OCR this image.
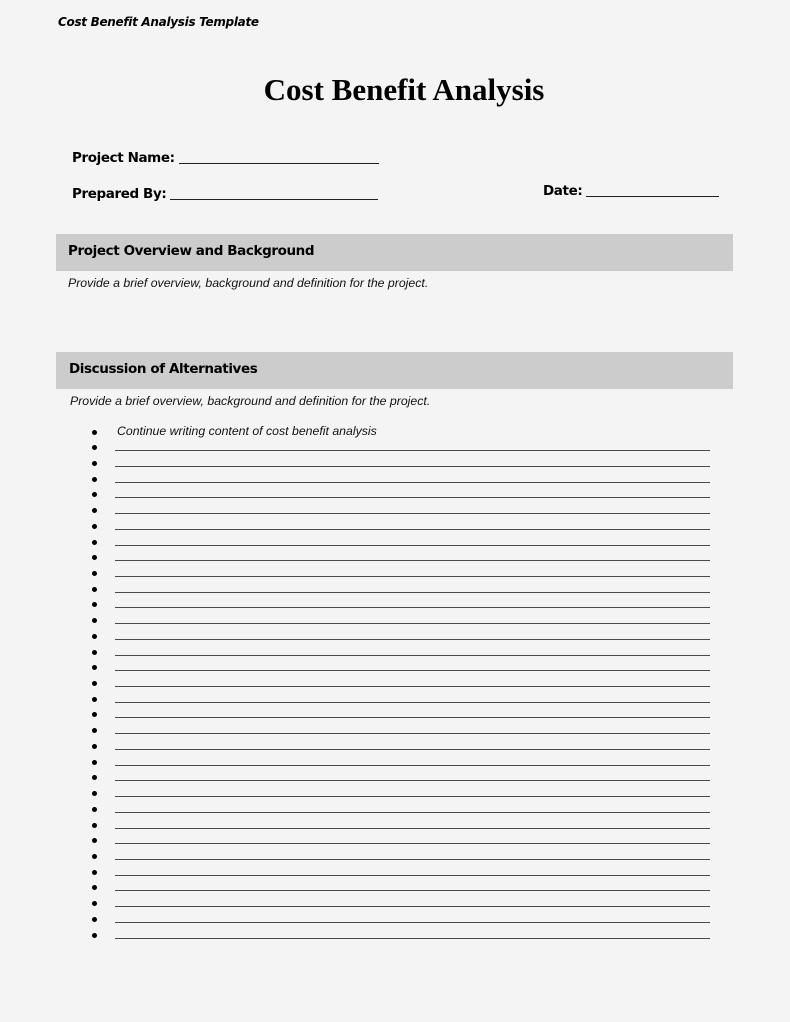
Cost Benefit Analysis Template
Cost Benefit Analysis
Project Name:
Prepared By:	Date:
Project Overview and Background
Provide a brief overview, background and definition for the project.
Discussion of Alternatives
Provide a brief overview, background and definition for the project.
Continue writing content of cost benefit analysis
